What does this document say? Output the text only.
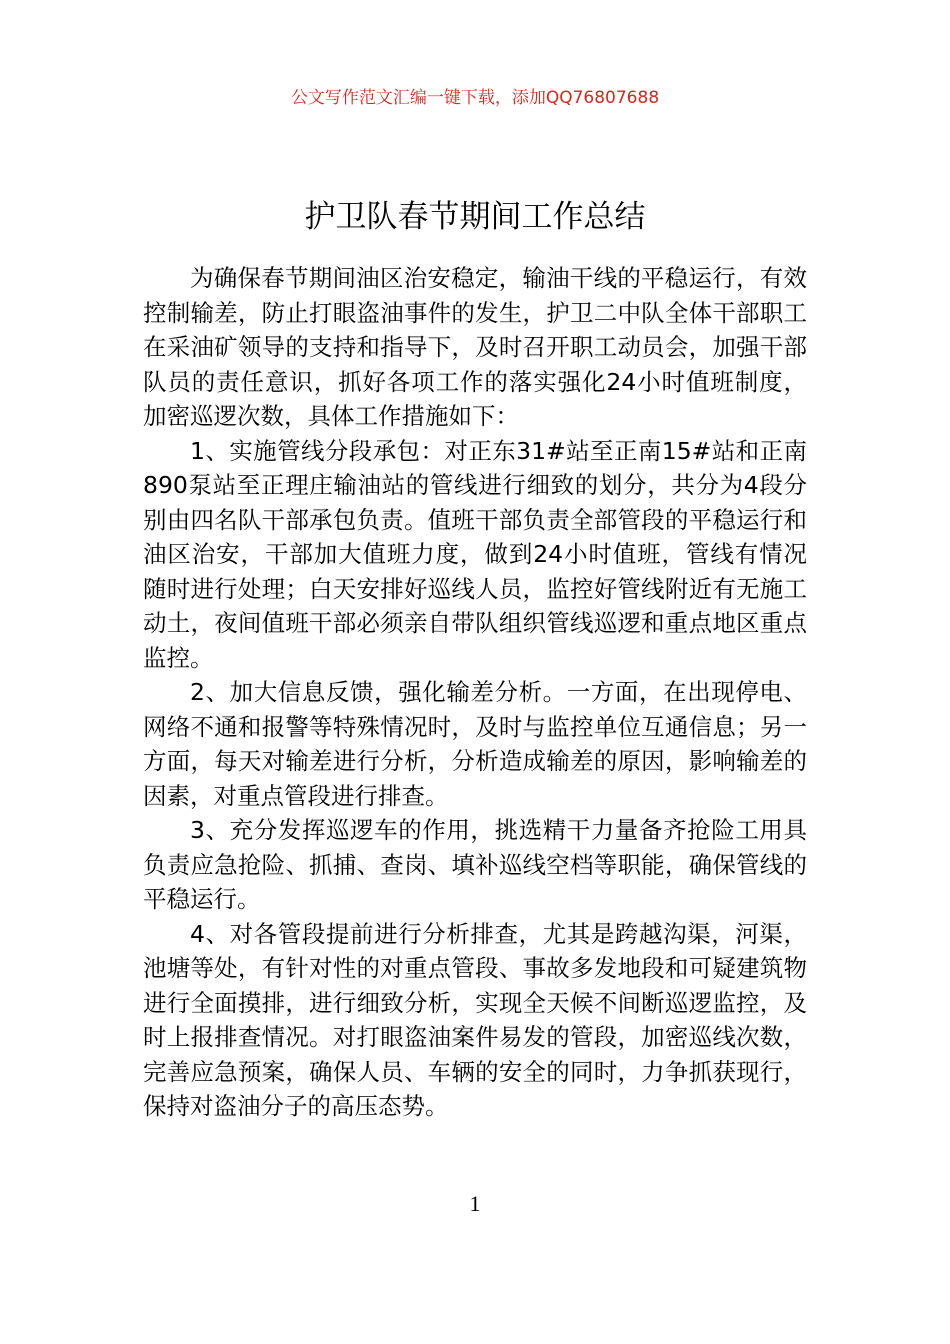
公文写作范文汇编一键下载，添加QQ76807688
护卫队春节期间工作总结

为确保春节期间油区治安稳定，输油干线的平稳运行，有效控制输差，防止打眼盗油事件的发生，护卫二中队全体干部职工在采油矿领导的支持和指导下，及时召开职工动员会，加强干部队员的责任意识，抓好各项工作的落实强化24小时值班制度，加密巡逻次数，具体工作措施如下：

1、实施管线分段承包：对正东31#站至正南15#站和正南890泵站至正理庄输油站的管线进行细致的划分，共分为4段分别由四名队干部承包负责。值班干部负责全部管段的平稳运行和油区治安，干部加大值班力度，做到24小时值班，管线有情况随时进行处理；白天安排好巡线人员，监控好管线附近有无施工动土，夜间值班干部必须亲自带队组织管线巡逻和重点地区重点监控。

2、加大信息反馈，强化输差分析。一方面，在出现停电、网络不通和报警等特殊情况时，及时与监控单位互通信息；另一方面，每天对输差进行分析，分析造成输差的原因，影响输差的因素，对重点管段进行排查。

3、充分发挥巡逻车的作用，挑选精干力量备齐抢险工用具负责应急抢险、抓捕、查岗、填补巡线空档等职能，确保管线的平稳运行。

4、对各管段提前进行分析排查，尤其是跨越沟渠，河渠，池塘等处，有针对性的对重点管段、事故多发地段和可疑建筑物进行全面摸排，进行细致分析，实现全天候不间断巡逻监控，及时上报排查情况。对打眼盗油案件易发的管段，加密巡线次数，完善应急预案，确保人员、车辆的安全的同时，力争抓获现行，保持对盗油分子的高压态势。

1
